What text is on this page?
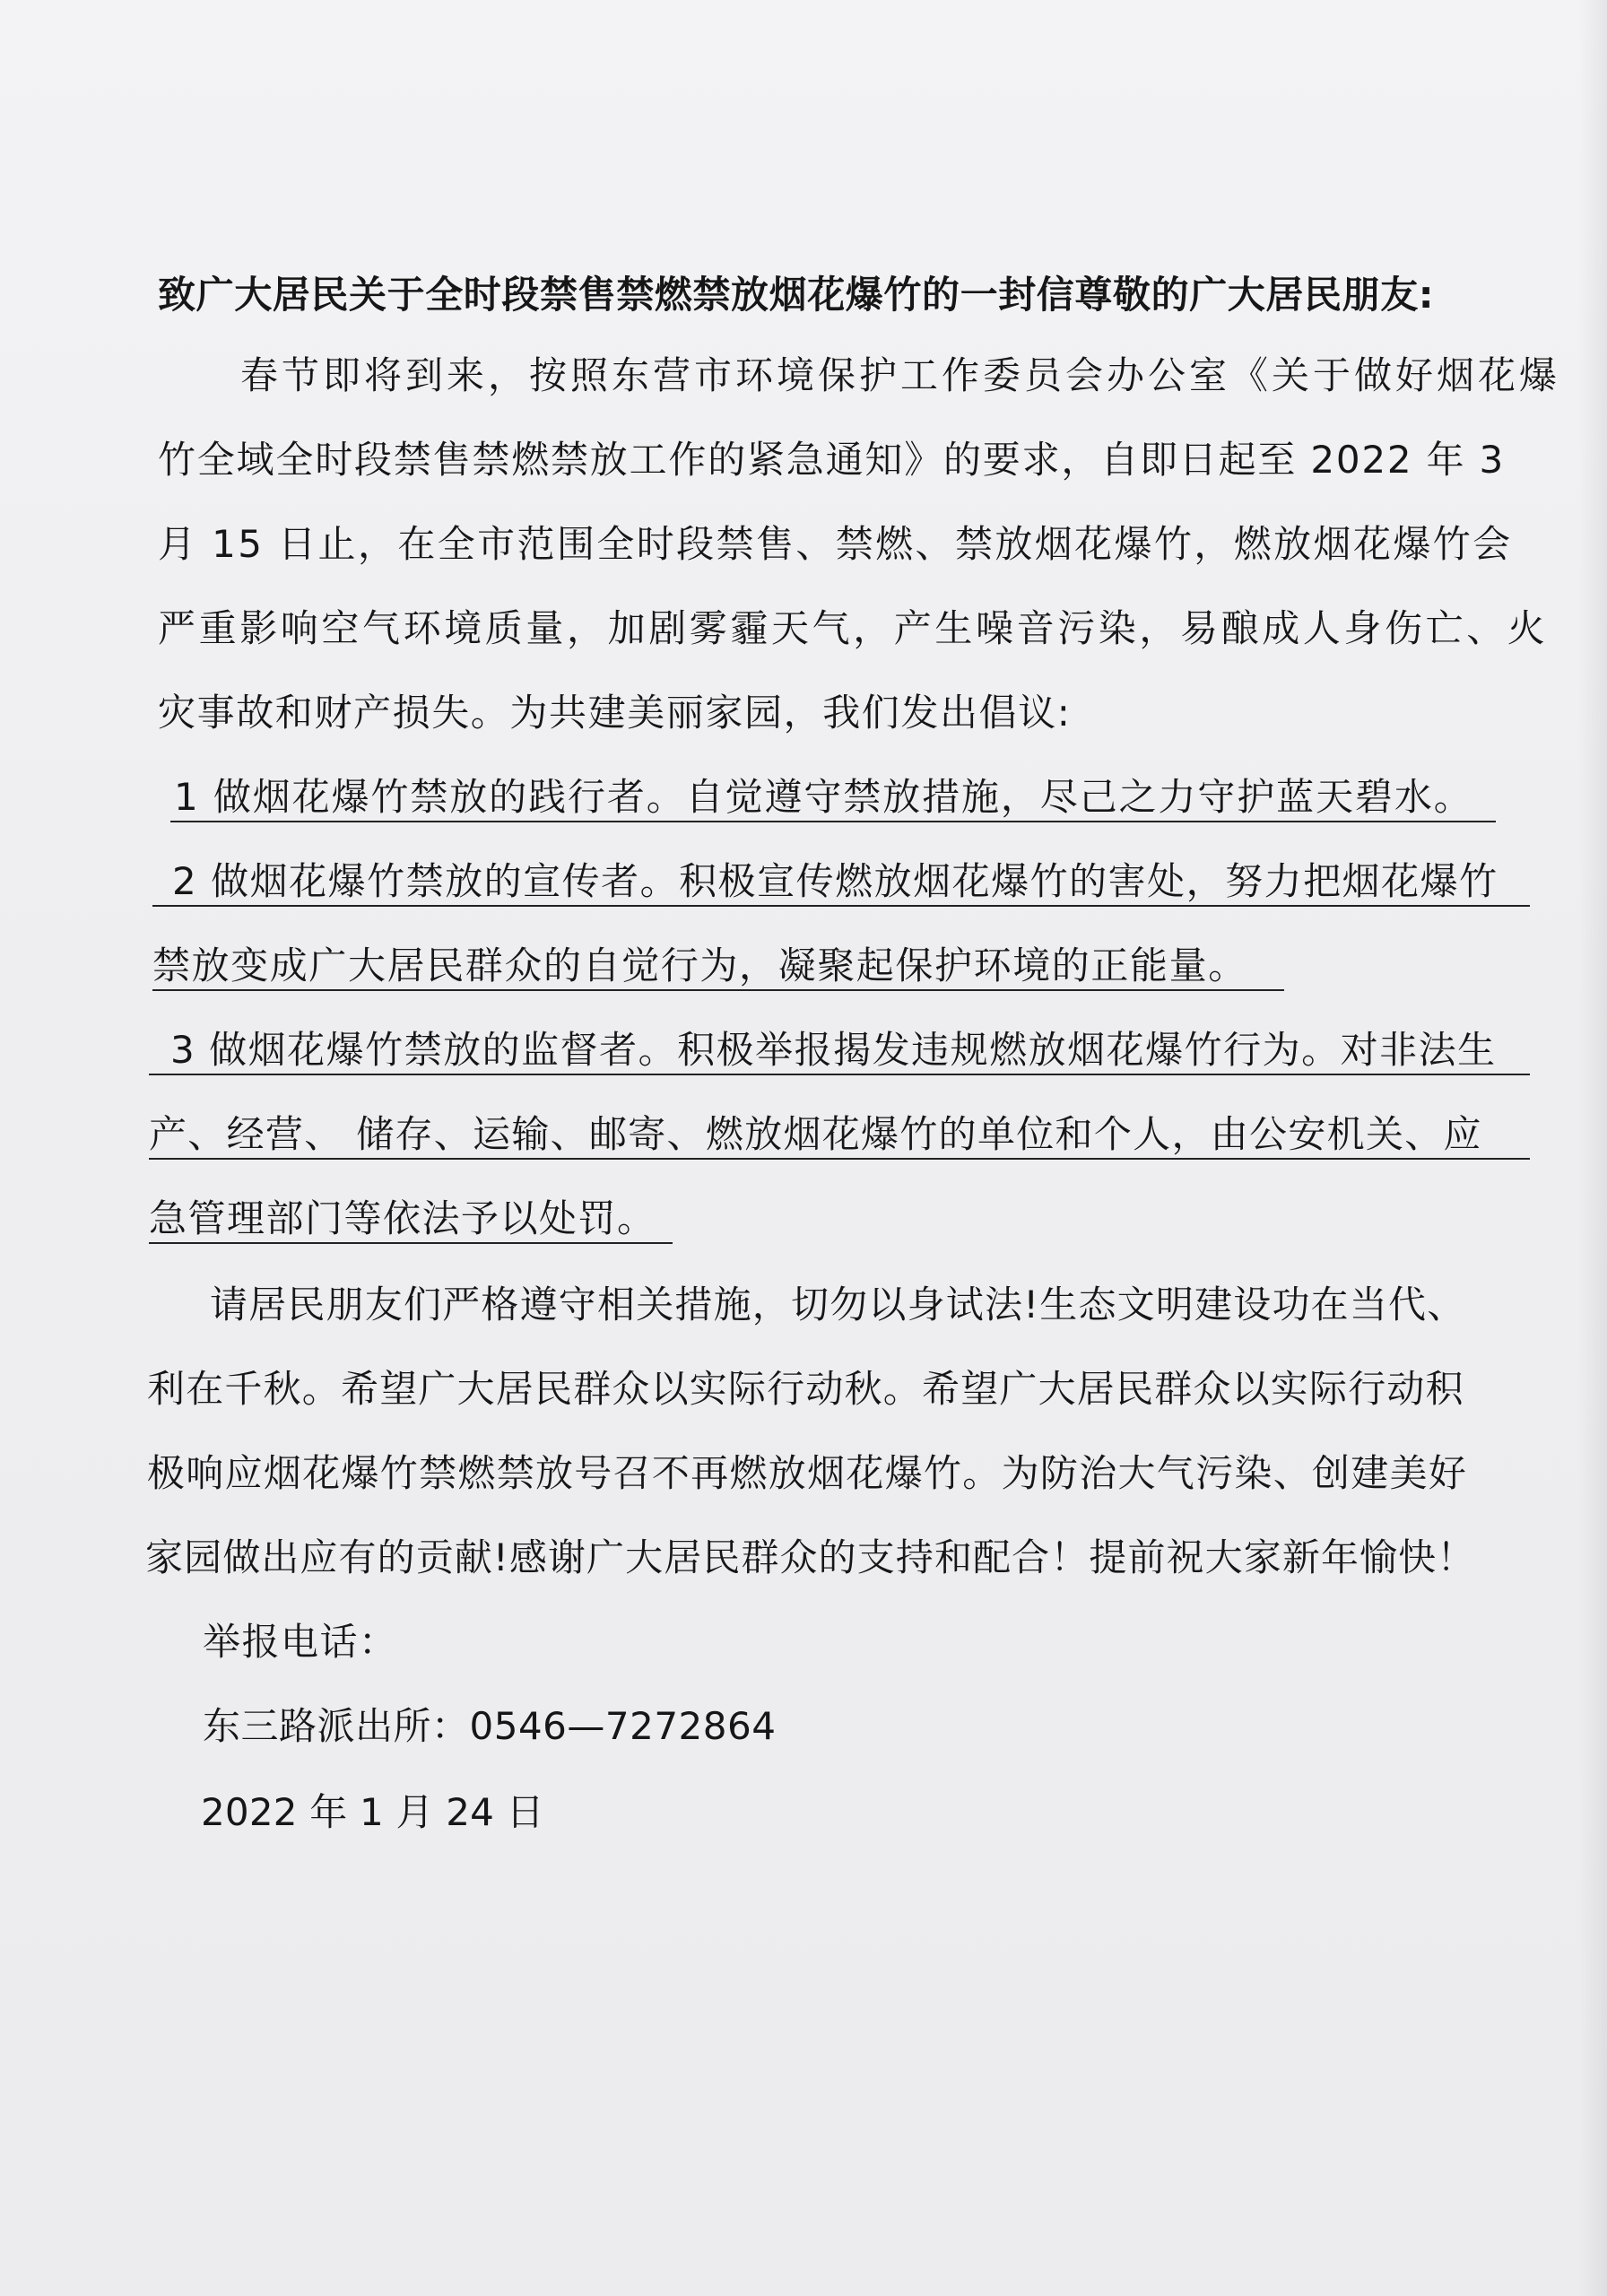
致广大居民关于全时段禁售禁燃禁放烟花爆竹的一封信尊敬的广大居民朋友:
春节即将到来，按照东营市环境保护工作委员会办公室《关于做好烟花爆
竹全域全时段禁售禁燃禁放工作的紧急通知》的要求，自即日起至 2022 年 3
月 15 日止，在全市范围全时段禁售、禁燃、禁放烟花爆竹，燃放烟花爆竹会
严重影响空气环境质量，加剧雾霾天气，产生噪音污染，易酿成人身伤亡、火
灾事故和财产损失。为共建美丽家园，我们发出倡议:
1 做烟花爆竹禁放的践行者。自觉遵守禁放措施，尽己之力守护蓝天碧水。
2 做烟花爆竹禁放的宣传者。积极宣传燃放烟花爆竹的害处，努力把烟花爆竹
禁放变成广大居民群众的自觉行为，凝聚起保护环境的正能量。
3 做烟花爆竹禁放的监督者。积极举报揭发违规燃放烟花爆竹行为。对非法生
产、经营、 储存、运输、邮寄、燃放烟花爆竹的单位和个人，由公安机关、应
急管理部门等依法予以处罚。
请居民朋友们严格遵守相关措施，切勿以身试法!生态文明建设功在当代、
利在千秋。希望广大居民群众以实际行动秋。希望广大居民群众以实际行动积
极响应烟花爆竹禁燃禁放号召不再燃放烟花爆竹。为防治大气污染、创建美好
家园做出应有的贡献!感谢广大居民群众的支持和配合！提前祝大家新年愉快！
举报电话：
东三路派出所：0546—7272864
2022 年 1 月 24 日
